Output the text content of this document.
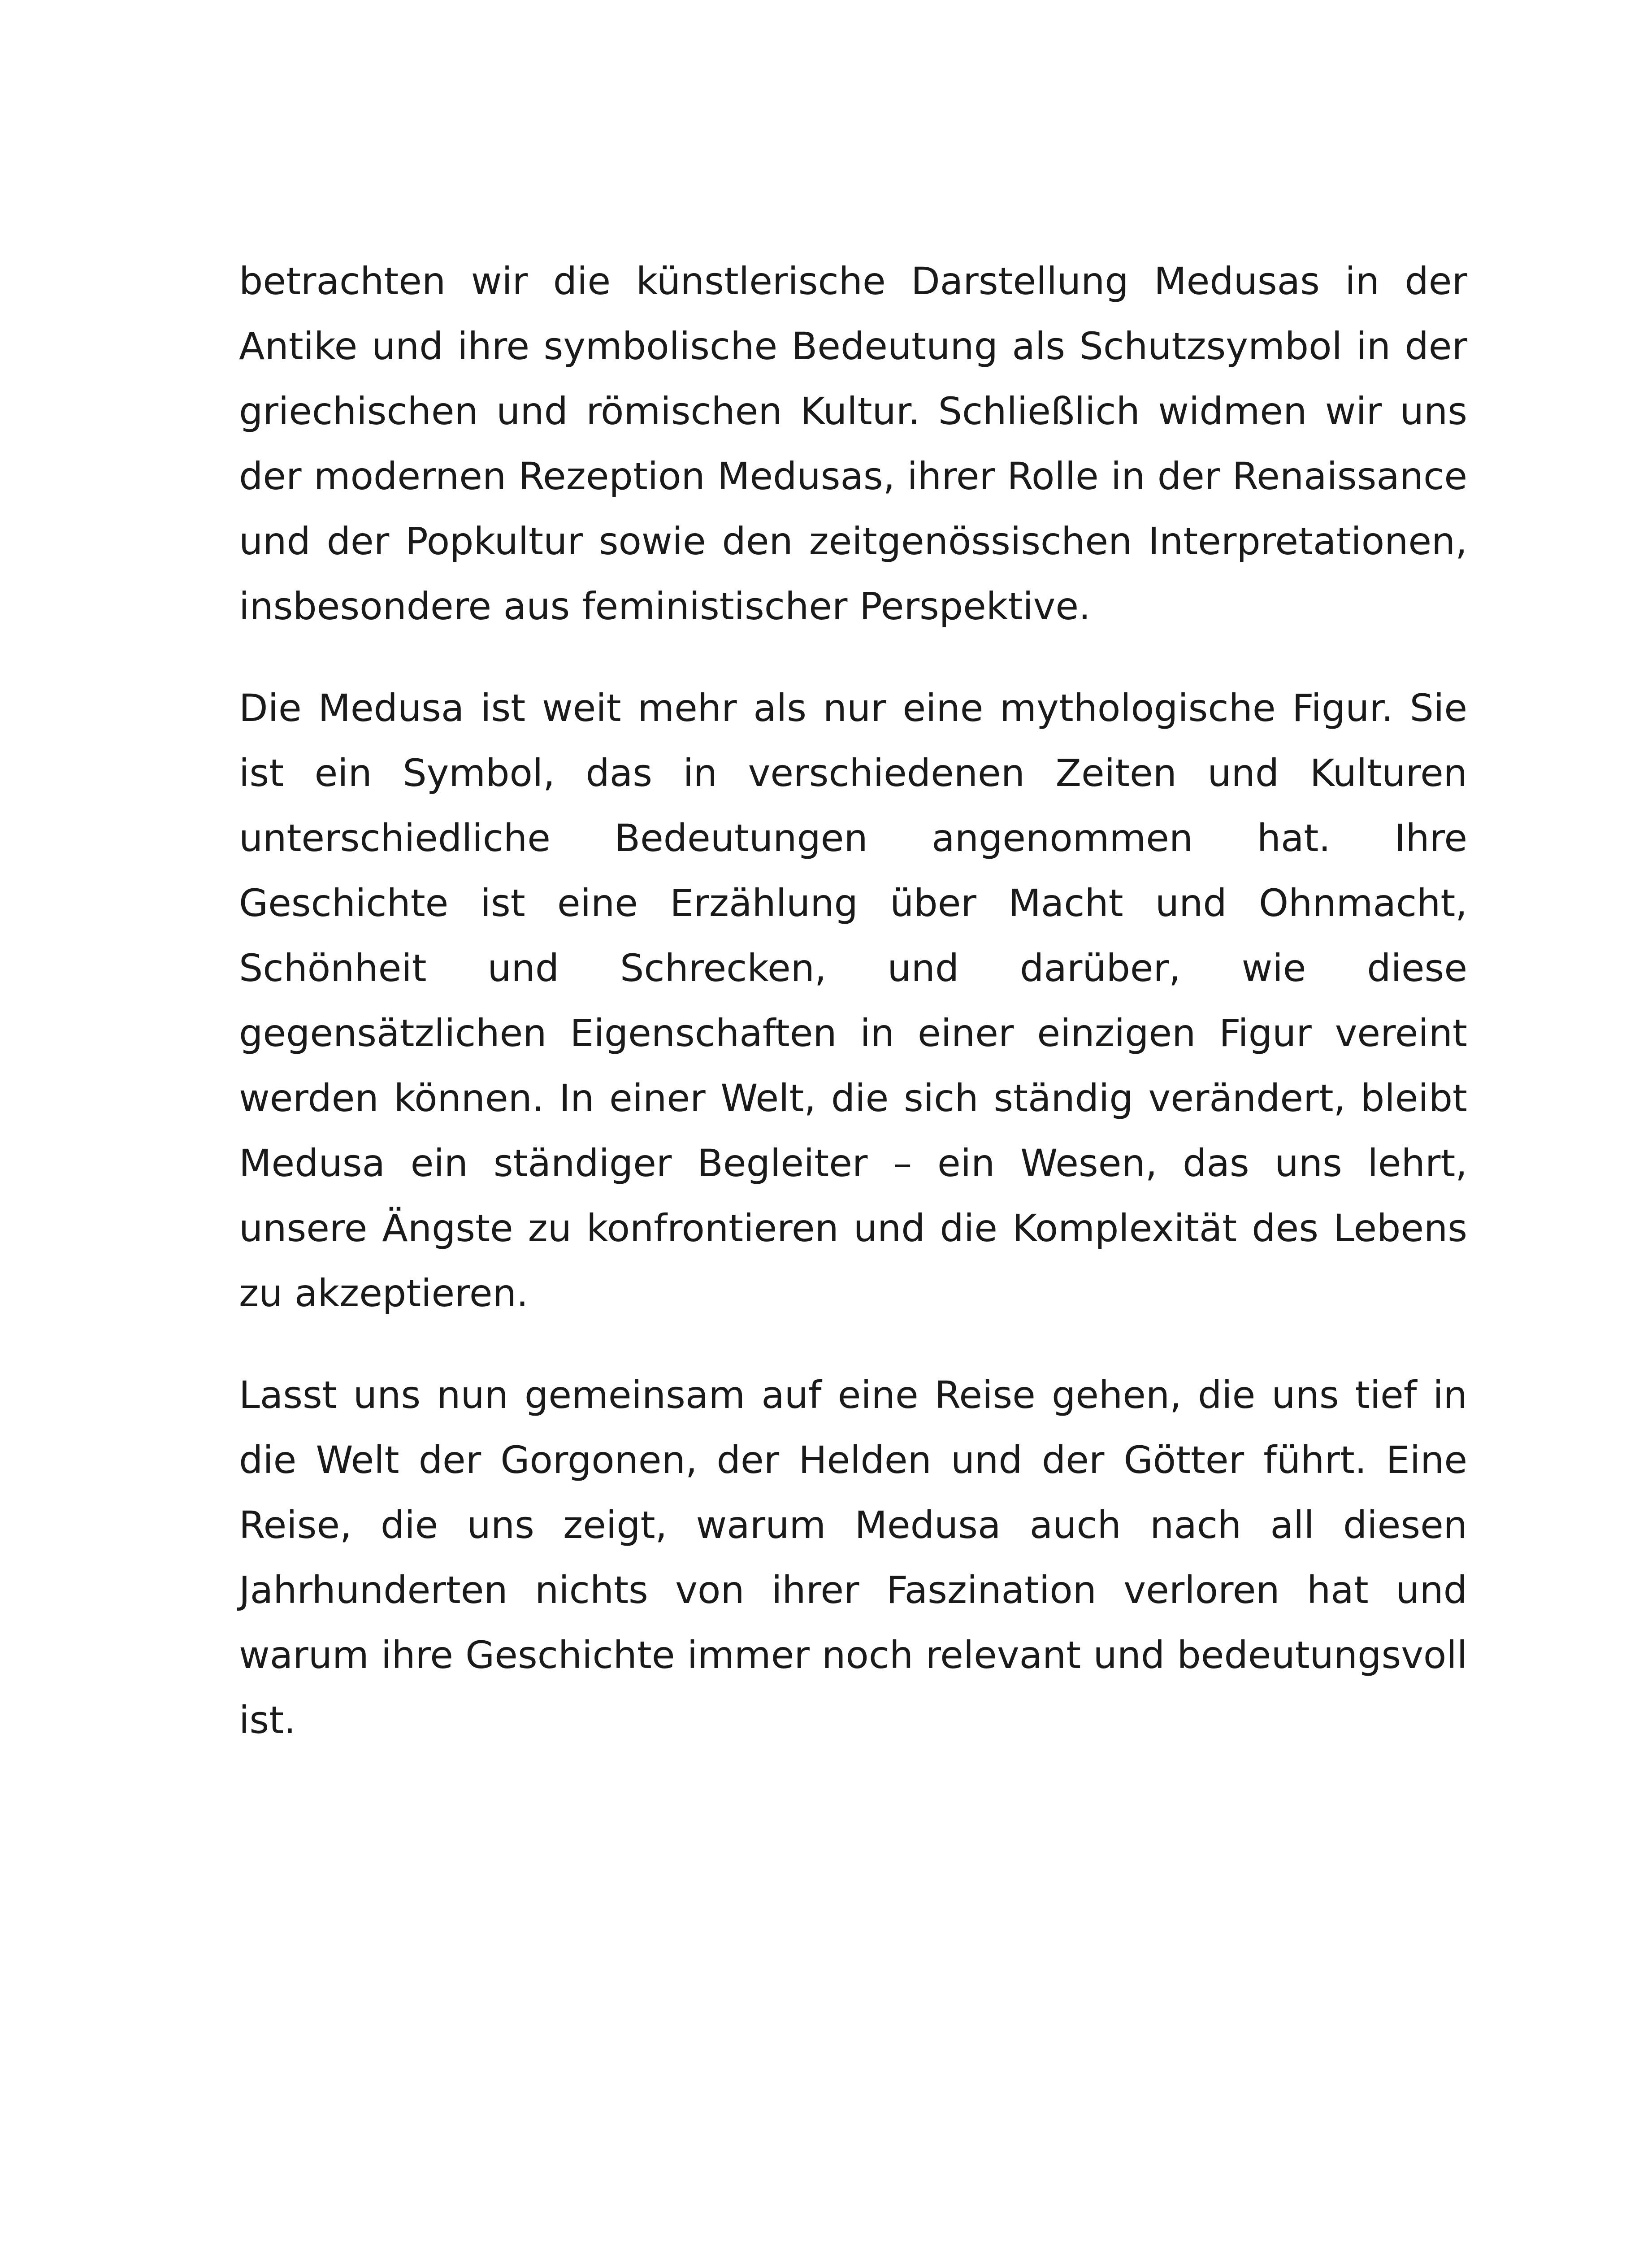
betrachten wir die künstlerische Darstellung Medusas in der Antike und ihre symbolische Bedeutung als Schutzsymbol in der griechischen und römischen Kultur. Schließlich widmen wir uns der modernen Rezeption Medusas, ihrer Rolle in der Renaissance und der Popkultur sowie den zeitgenössischen Interpretationen, insbesondere aus feministischer Perspektive.

Die Medusa ist weit mehr als nur eine mythologische Figur. Sie ist ein Symbol, das in verschiedenen Zeiten und Kulturen unterschiedliche Bedeutungen angenommen hat. Ihre Geschichte ist eine Erzählung über Macht und Ohnmacht, Schönheit und Schrecken, und darüber, wie diese gegensätzlichen Eigenschaften in einer einzigen Figur vereint werden können. In einer Welt, die sich ständig verändert, bleibt Medusa ein ständiger Begleiter – ein Wesen, das uns lehrt, unsere Ängste zu konfrontieren und die Komplexität des Lebens zu akzeptieren.

Lasst uns nun gemeinsam auf eine Reise gehen, die uns tief in die Welt der Gorgonen, der Helden und der Götter führt. Eine Reise, die uns zeigt, warum Medusa auch nach all diesen Jahrhunderten nichts von ihrer Faszination verloren hat und warum ihre Geschichte immer noch relevant und bedeutungsvoll ist.
